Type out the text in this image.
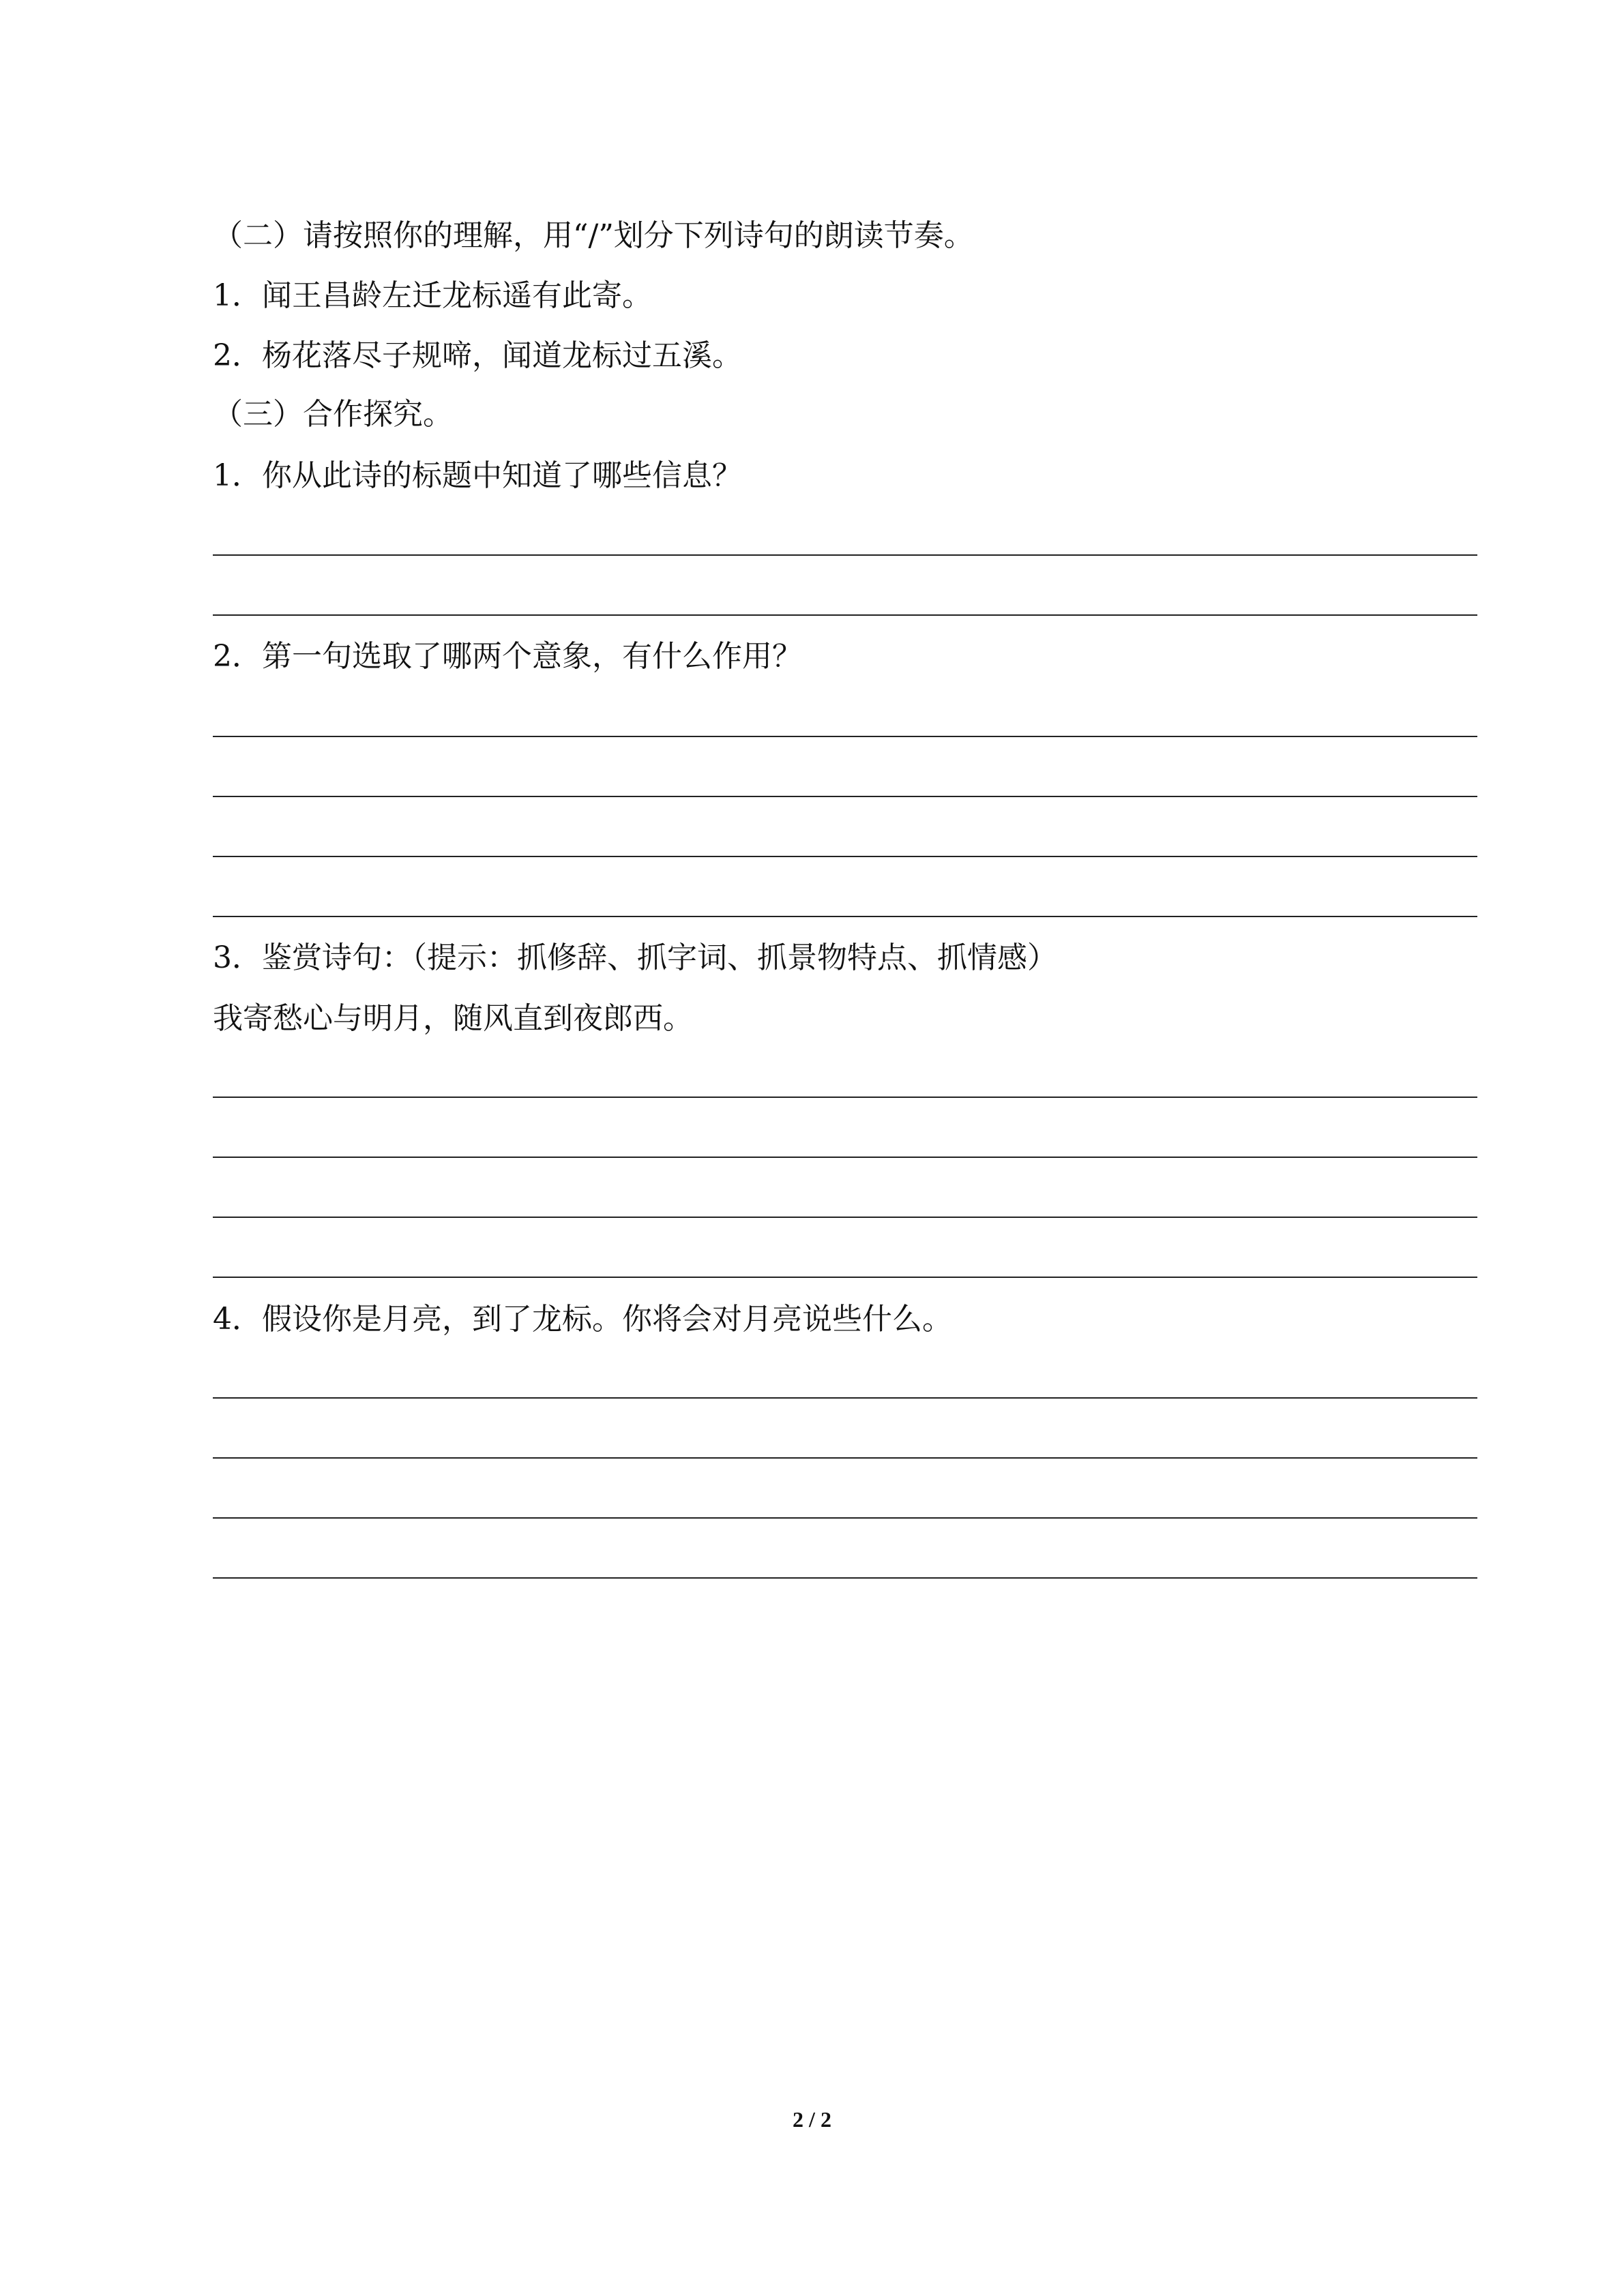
（二）请按照你的理解，用“/”划分下列诗句的朗读节奏。
1．闻王昌龄左迁龙标遥有此寄。
2．杨花落尽子规啼，闻道龙标过五溪。
（三）合作探究。
1．你从此诗的标题中知道了哪些信息？
2．第一句选取了哪两个意象，有什么作用？
3．鉴赏诗句：（提示：抓修辞、抓字词、抓景物特点、抓情感）
我寄愁心与明月，随风直到夜郎西。
4．假设你是月亮，到了龙标。你将会对月亮说些什么。
2 / 2
